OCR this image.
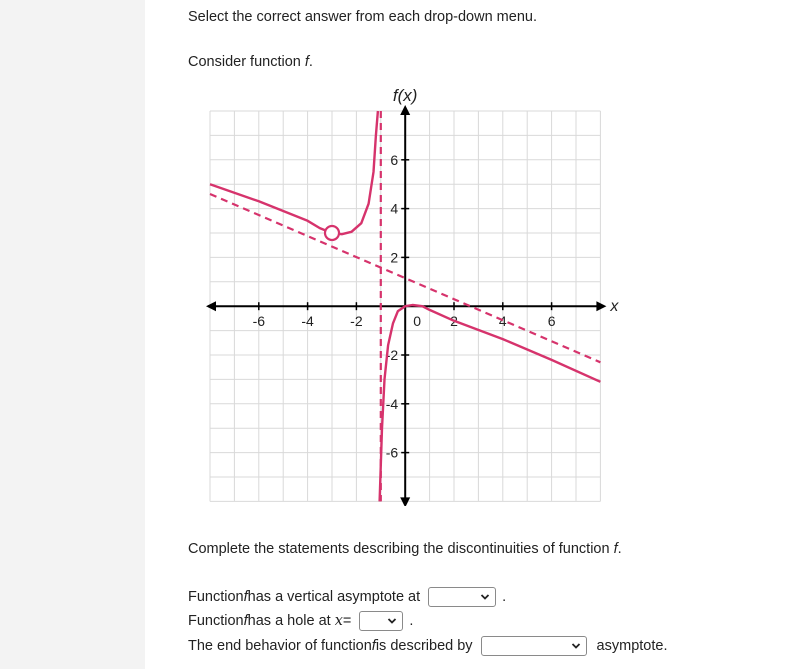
Select the correct answer from each drop-down menu.
Consider function f.
-6	-4	-2	2	4	6
6
4
2
-2
-4
-6
0
x
f(x)
Complete the statements describing the discontinuities of function f.
Function f has a vertical asymptote at	.
Function f has a hole at x =	.
The end behavior of function f is described by	asymptote.
